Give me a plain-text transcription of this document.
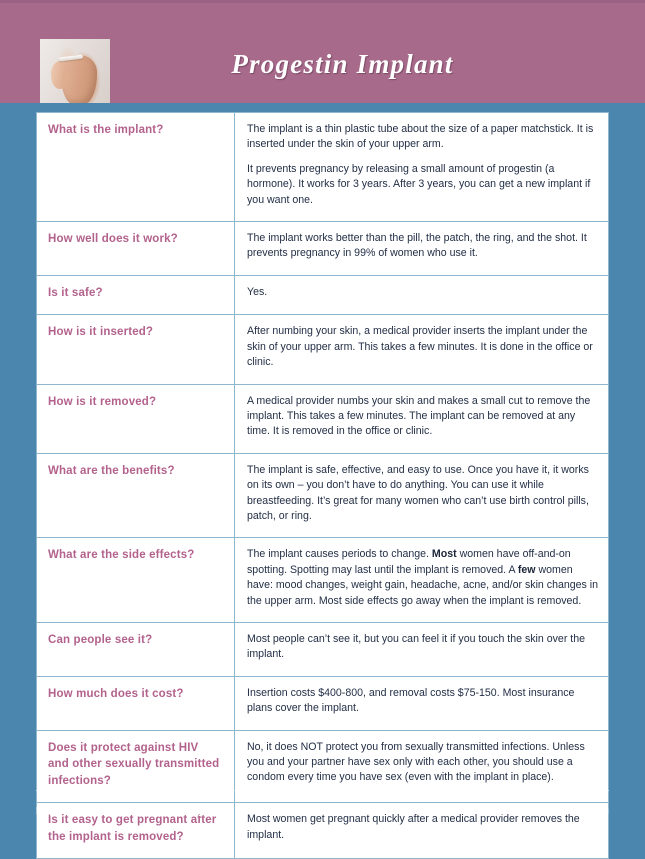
Progestin Implant
What is the implant?	The implant is a thin plastic tube about the size of a paper matchstick. It is inserted under the skin of your upper arm.

It prevents pregnancy by releasing a small amount of progestin (a hormone). It works for 3 years. After 3 years, you can get a new implant if you want one.

How well does it work?	The implant works better than the pill, the patch, the ring, and the shot. It prevents pregnancy in 99% of women who use it.

Is it safe?	Yes.

How is it inserted?	After numbing your skin, a medical provider inserts the implant under the skin of your upper arm. This takes a few minutes. It is done in the office or clinic.

How is it removed?	A medical provider numbs your skin and makes a small cut to remove the implant. This takes a few minutes. The implant can be removed at any time. It is removed in the office or clinic.

What are the benefits?	The implant is safe, effective, and easy to use. Once you have it, it works on its own – you don’t have to do anything. You can use it while breastfeeding. It’s great for many women who can’t use birth control pills, patch, or ring.

What are the side effects?	The implant causes periods to change. Most women have off-and-on spotting. Spotting may last until the implant is removed. A few women have: mood changes, weight gain, headache, acne, and/or skin changes in the upper arm. Most side effects go away when the implant is removed.

Can people see it?	Most people can’t see it, but you can feel it if you touch the skin over the implant.

How much does it cost?	Insertion costs $400-800, and removal costs $75-150. Most insurance plans cover the implant.

Does it protect against HIV and other sexually transmitted infections?	No, it does NOT protect you from sexually transmitted infections. Unless you and your partner have sex only with each other, you should use a condom every time you have sex (even with the implant in place).

Is it easy to get pregnant after the implant is removed?	Most women get pregnant quickly after a medical provider removes the implant.

Reproductive Health Access Project	www.reproductiveaccess.org
